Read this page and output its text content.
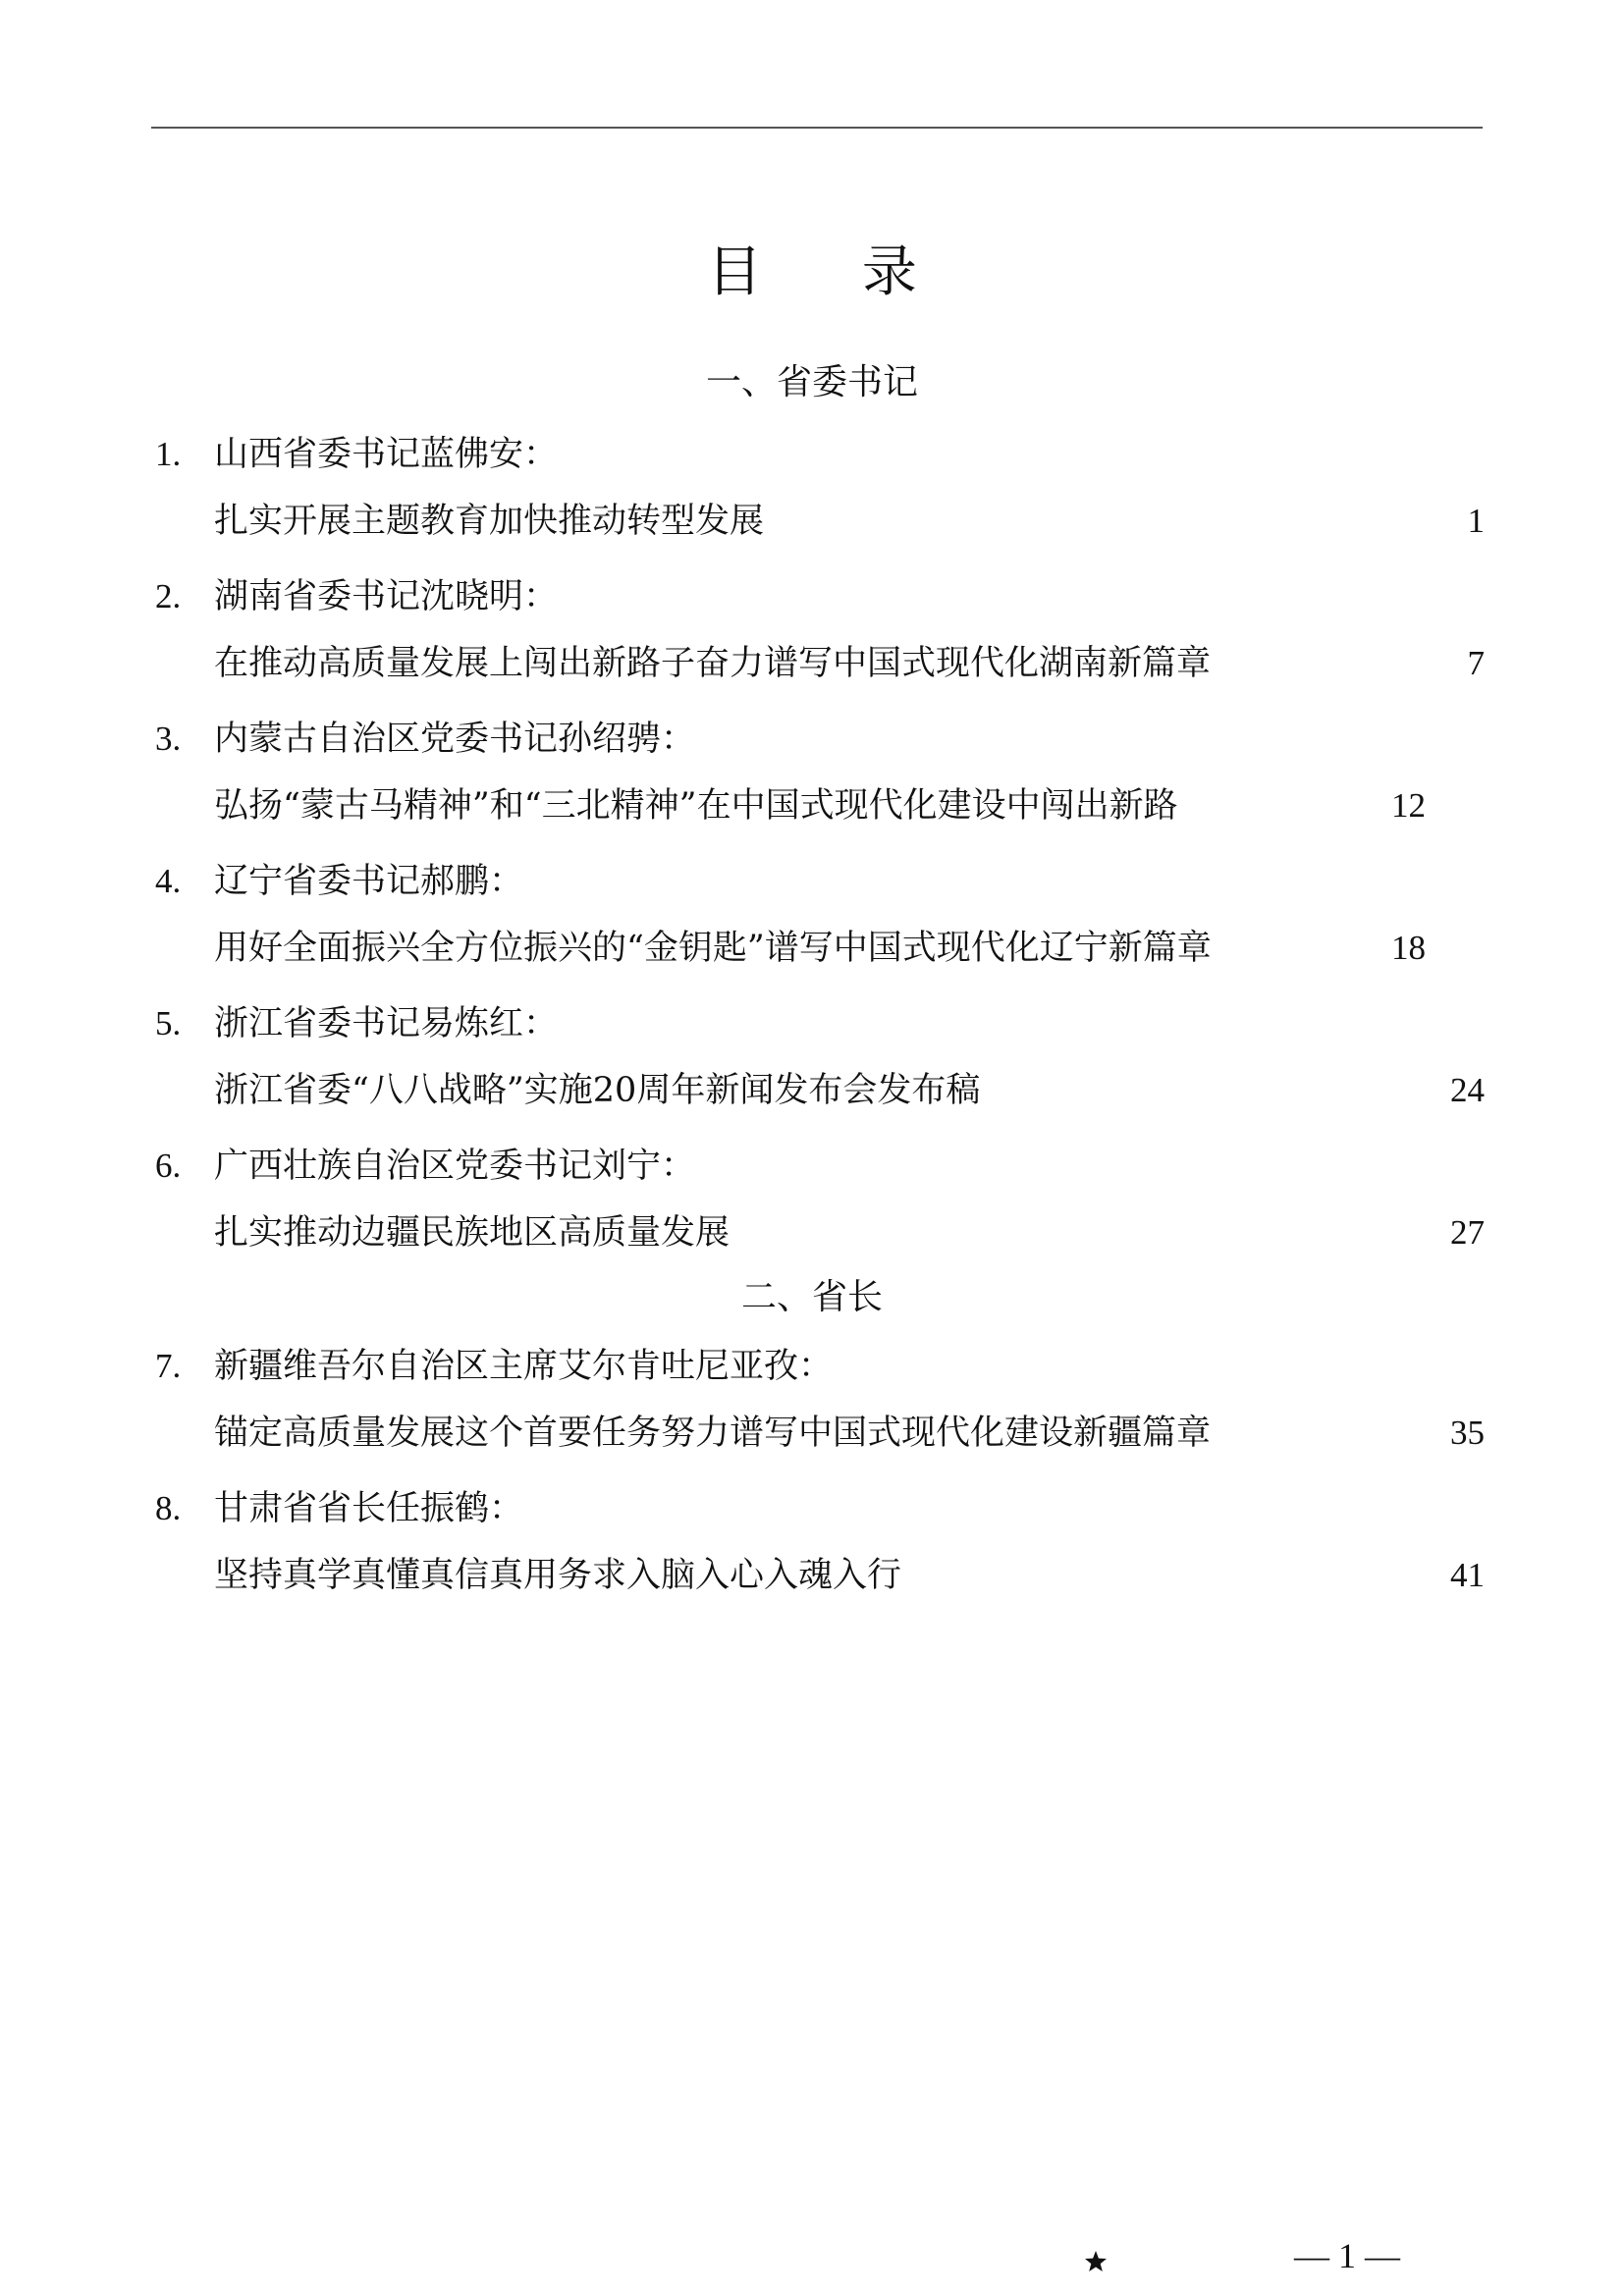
目 录
一、省委书记
1. 山西省委书记蓝佛安：
扎实开展主题教育加快推动转型发展	1
2. 湖南省委书记沈晓明：
在推动高质量发展上闯出新路子奋力谱写中国式现代化湖南新篇章	7
3. 内蒙古自治区党委书记孙绍骋：
弘扬“蒙古马精神”和“三北精神”在中国式现代化建设中闯出新路	12
4. 辽宁省委书记郝鹏：
用好全面振兴全方位振兴的“金钥匙”谱写中国式现代化辽宁新篇章	18
5. 浙江省委书记易炼红：
浙江省委“八八战略”实施20周年新闻发布会发布稿	24
6. 广西壮族自治区党委书记刘宁：
扎实推动边疆民族地区高质量发展	27
二、省长
7. 新疆维吾尔自治区主席艾尔肯吐尼亚孜：
锚定高质量发展这个首要任务努力谱写中国式现代化建设新疆篇章	35
8. 甘肃省省长任振鹤：
坚持真学真懂真信真用务求入脑入心入魂入行	41
— 1 —
